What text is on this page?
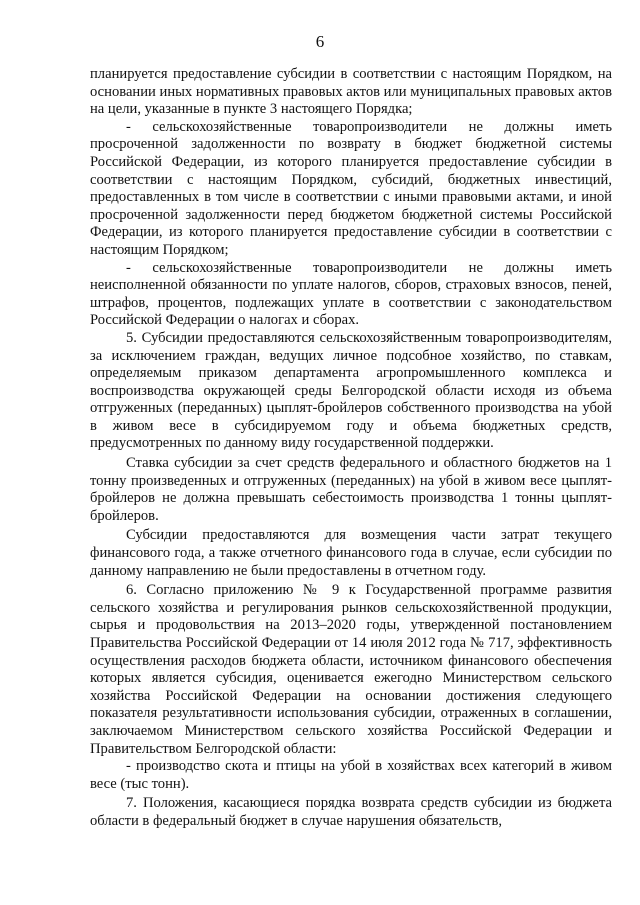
6

планируется предоставление субсидии в соответствии с настоящим Порядком, на основании иных нормативных правовых актов или муниципальных правовых актов на цели, указанные в пункте 3 настоящего Порядка;

- сельскохозяйственные товаропроизводители не должны иметь просроченной задолженности по возврату в бюджет бюджетной системы Российской Федерации, из которого планируется предоставление субсидии в соответствии с настоящим Порядком, субсидий, бюджетных инвестиций, предоставленных в том числе в соответствии с иными правовыми актами, и иной просроченной задолженности перед бюджетом бюджетной системы Российской Федерации, из которого планируется предоставление субсидии в соответствии с настоящим Порядком;

- сельскохозяйственные товаропроизводители не должны иметь неисполненной обязанности по уплате налогов, сборов, страховых взносов, пеней, штрафов, процентов, подлежащих уплате в соответствии с законодательством Российской Федерации о налогах и сборах.

5. Субсидии предоставляются сельскохозяйственным товаропроизводителям, за исключением граждан, ведущих личное подсобное хозяйство, по ставкам, определяемым приказом департамента агропромышленного комплекса и воспроизводства окружающей среды Белгородской области исходя из объема отгруженных (переданных) цыплят-бройлеров собственного производства на убой в живом весе в субсидируемом году и объема бюджетных средств, предусмотренных по данному виду государственной поддержки.

Ставка субсидии за счет средств федерального и областного бюджетов на 1 тонну произведенных и отгруженных (переданных) на убой в живом весе цыплят-бройлеров не должна превышать себестоимость производства 1 тонны цыплят-бройлеров.

Субсидии предоставляются для возмещения части затрат текущего финансового года, а также отчетного финансового года в случае, если субсидии по данному направлению не были предоставлены в отчетном году.

6. Согласно приложению № 9 к Государственной программе развития сельского хозяйства и регулирования рынков сельскохозяйственной продукции, сырья и продовольствия на 2013–2020 годы, утвержденной постановлением Правительства Российской Федерации от 14 июля 2012 года № 717, эффективность осуществления расходов бюджета области, источником финансового обеспечения которых является субсидия, оценивается ежегодно Министерством сельского хозяйства Российской Федерации на основании достижения следующего показателя результативности использования субсидии, отраженных в соглашении, заключаемом Министерством сельского хозяйства Российской Федерации и Правительством Белгородской области:

- производство скота и птицы на убой в хозяйствах всех категорий в живом весе (тыс тонн).

7. Положения, касающиеся порядка возврата средств субсидии из бюджета области в федеральный бюджет в случае нарушения обязательств,
